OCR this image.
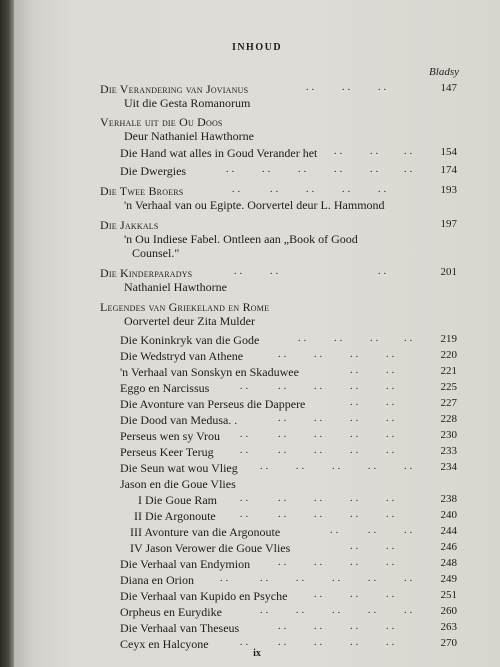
INHOUD
Bladsy
Die Verandering van Jovianus	. .	. .	. .	147
Uit die Gesta Romanorum
Verhale uit die Ou Doos
Deur Nathaniel Hawthorne
Die Hand wat alles in Goud Verander het . .	. .	. .	154
Die Dwergies	. .	. .	. .	. .	. .	. .	174
Die Twee Broers	. .	. .	. .	. .	. .	193
'n Verhaal van ou Egipte. Oorvertel deur L. Hammond
Die Jakkals	197
'n Ou Indiese Fabel. Ontleen aan „Book of Good
Counsel."
Die Kinderparadys	. .	. .	. .	201
Nathaniel Hawthorne
Legendes van Griekeland en Rome
Oorvertel deur Zita Mulder
Die Koninkryk van die Gode	. .	. .	. .	. .	219
Die Wedstryd van Athene	. .	. .	. .	. .	220
'n Verhaal van Sonskyn en Skaduwee	. .	. .	221
Eggo en Narcissus	. .	. .	. .	. .	. .	225
Die Avonture van Perseus die Dappere	. .	. .	227
Die Dood van Medusa. .	. .	. .	. .	. .	228
Perseus wen sy Vrou . .	. .	. .	. .	. .	230
Perseus Keer Terug	. .	. .	. .	. .	. .	233
Die Seun wat wou Vlieg . .	. .	. .	. .	. .	234
Jason en die Goue Vlies
I Die Goue Ram . .	. .	. .	. .	. .	238
II Die Argonoute . .	. .	. .	. .	. .	240
III Avonture van die Argonoute	. .	. .	. .	244
IV Jason Verower die Goue Vlies	. .	. .	246
Die Verhaal van Endymion	. .	. .	. .	. .	248
Diana en Orion	. .	. .	. .	. .	. .	. .	249
Die Verhaal van Kupido en Psyche	. .	. .	. .	251
Orpheus en Eurydike	. .	. .	. .	. .	. .	260
Die Verhaal van Theseus	. .	. .	. .	. .	263
Ceyx en Halcyone	. .	. .	. .	. .	. .	270
ix
